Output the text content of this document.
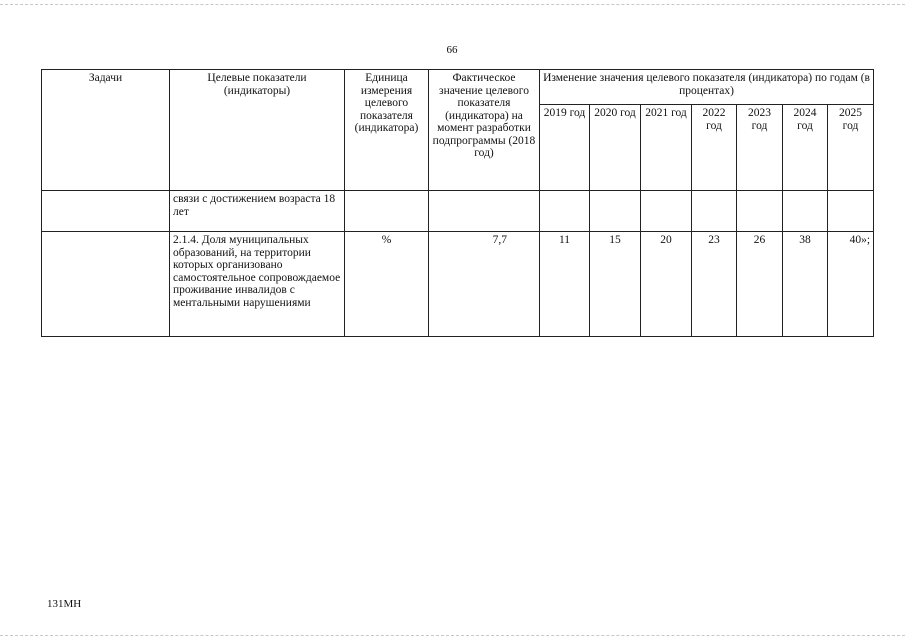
66
Задачи	Целевые показатели (индикаторы)	Единица измерения целевого показателя (индикатора)	Фактическое значение целевого показателя (индикатора) на момент разработки подпрограммы (2018 год)	Изменение значения целевого показателя (индикатора) по годам (в процентах)						
				2019 год	2020 год	2021 год	2022 год	2023 год	2024 год	2025 год
	связи с достижением возраста 18 лет									
	2.1.4. Доля муниципальных образований, на территории которых организовано самостоятельное сопровождаемое проживание инвалидов с ментальными нарушениями	%	7,7	11	15	20	23	26	38	40»;
131МН
